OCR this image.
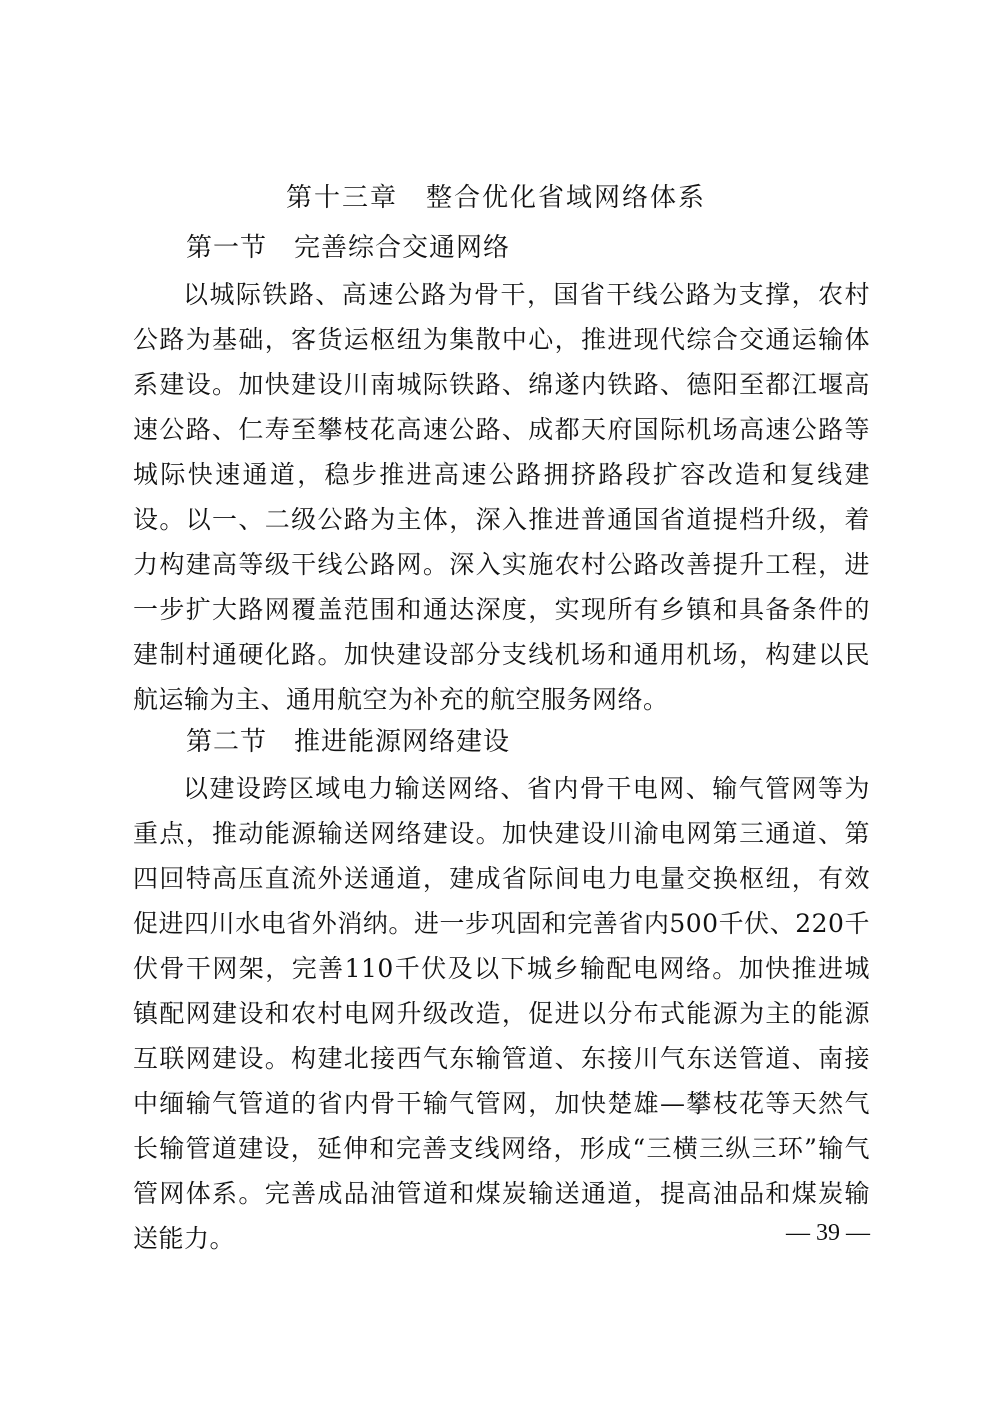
第十三章　整合优化省域网络体系
第一节　完善综合交通网络

以城际铁路、高速公路为骨干，国省干线公路为支撑，农村公路为基础，客货运枢纽为集散中心，推进现代综合交通运输体系建设。加快建设川南城际铁路、绵遂内铁路、德阳至都江堰高速公路、仁寿至攀枝花高速公路、成都天府国际机场高速公路等城际快速通道，稳步推进高速公路拥挤路段扩容改造和复线建设。以一、二级公路为主体，深入推进普通国省道提档升级，着力构建高等级干线公路网。深入实施农村公路改善提升工程，进一步扩大路网覆盖范围和通达深度，实现所有乡镇和具备条件的建制村通硬化路。加快建设部分支线机场和通用机场，构建以民航运输为主、通用航空为补充的航空服务网络。

第二节　推进能源网络建设

以建设跨区域电力输送网络、省内骨干电网、输气管网等为重点，推动能源输送网络建设。加快建设川渝电网第三通道、第四回特高压直流外送通道，建成省际间电力电量交换枢纽，有效促进四川水电省外消纳。进一步巩固和完善省内500千伏、220千伏骨干网架，完善110千伏及以下城乡输配电网络。加快推进城镇配网建设和农村电网升级改造，促进以分布式能源为主的能源互联网建设。构建北接西气东输管道、东接川气东送管道、南接中缅输气管道的省内骨干输气管网，加快楚雄—攀枝花等天然气长输管道建设，延伸和完善支线网络，形成“三横三纵三环”输气管网体系。完善成品油管道和煤炭输送通道，提高油品和煤炭输送能力。	— 39 —
